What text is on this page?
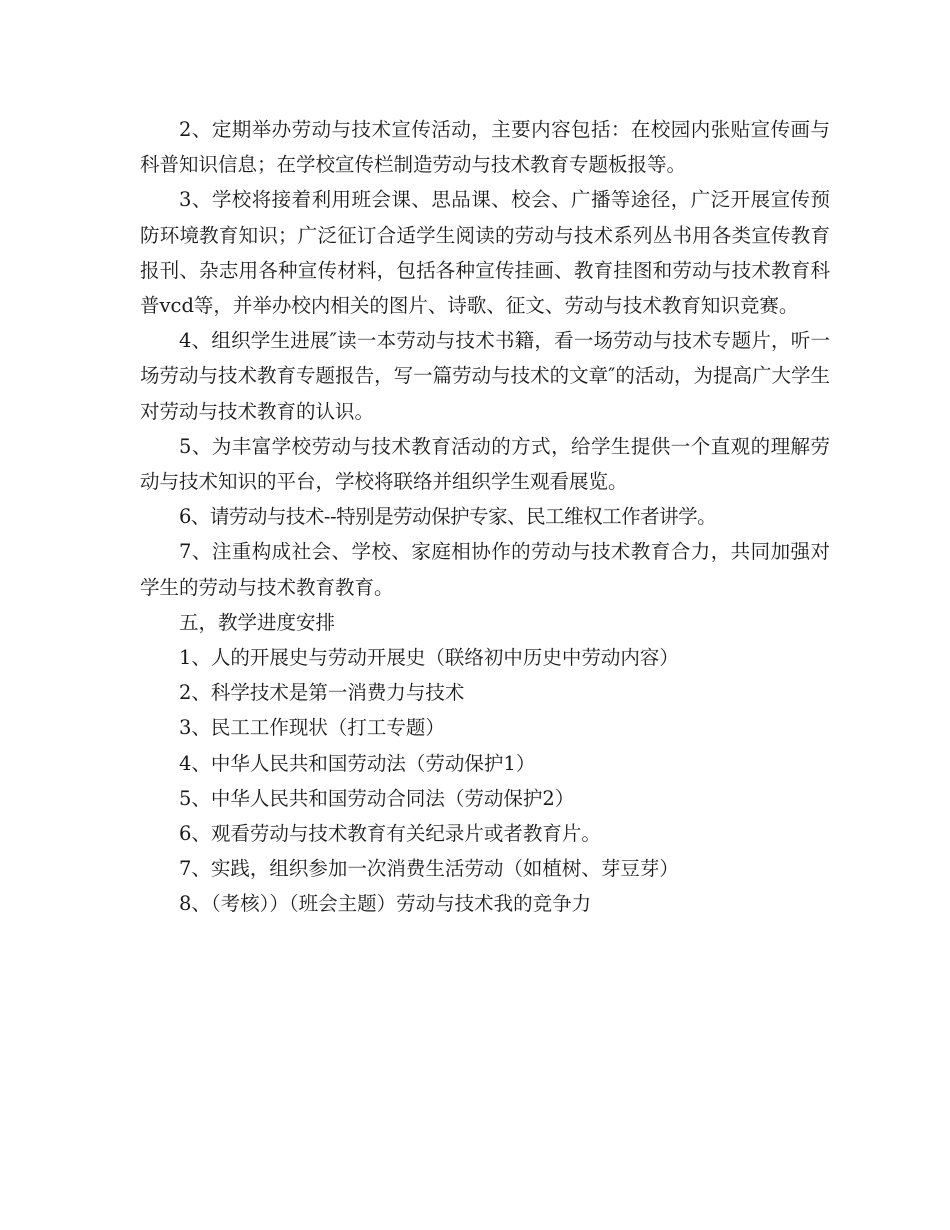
2、定期举办劳动与技术宣传活动，主要内容包括：在校园内张贴宣传画与科普知识信息；在学校宣传栏制造劳动与技术教育专题板报等。

3、学校将接着利用班会课、思品课、校会、广播等途径，广泛开展宣传预防环境教育知识；广泛征订合适学生阅读的劳动与技术系列丛书用各类宣传教育报刊、杂志用各种宣传材料，包括各种宣传挂画、教育挂图和劳动与技术教育科普vcd等，并举办校内相关的图片、诗歌、征文、劳动与技术教育知识竞赛。

4、组织学生进展″读一本劳动与技术书籍，看一场劳动与技术专题片，听一场劳动与技术教育专题报告，写一篇劳动与技术的文章″的活动，为提高广大学生对劳动与技术教育的认识。

5、为丰富学校劳动与技术教育活动的方式，给学生提供一个直观的理解劳动与技术知识的平台，学校将联络并组织学生观看展览。

6、请劳动与技术--特别是劳动保护专家、民工维权工作者讲学。

7、注重构成社会、学校、家庭相协作的劳动与技术教育合力，共同加强对学生的劳动与技术教育教育。

五，教学进度安排

1、人的开展史与劳动开展史（联络初中历史中劳动内容）

2、科学技术是第一消费力与技术

3、民工工作现状（打工专题）

4、中华人民共和国劳动法（劳动保护1）

5、中华人民共和国劳动合同法（劳动保护2）

6、观看劳动与技术教育有关纪录片或者教育片。

7、实践，组织参加一次消费生活劳动（如植树、芽豆芽）

8、（考核））（班会主题）劳动与技术我的竞争力
